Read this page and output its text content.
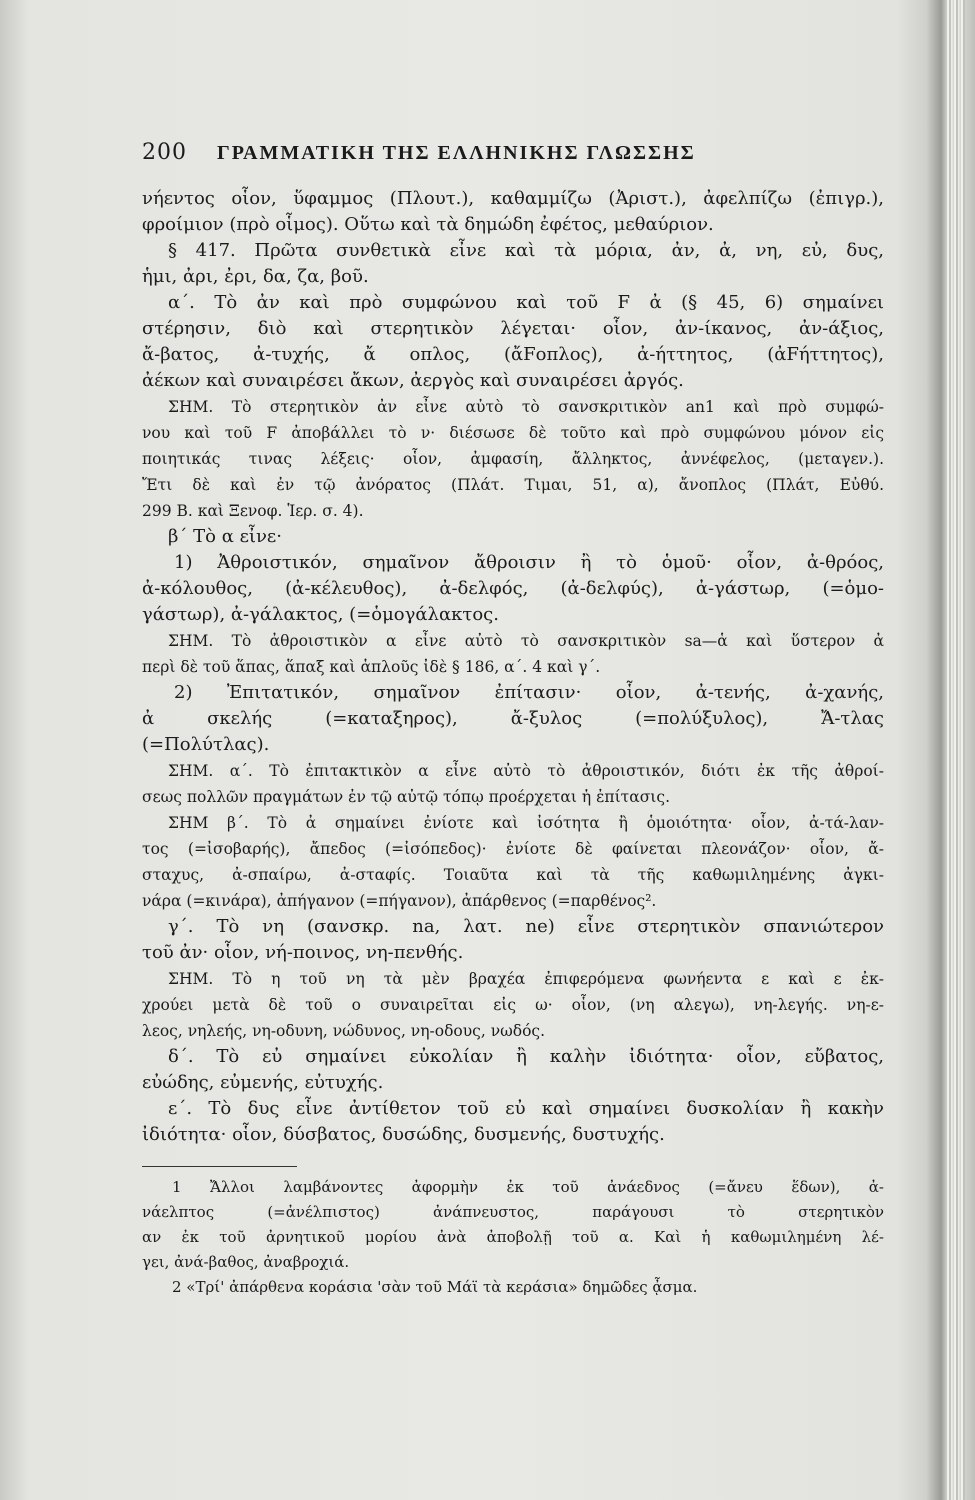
200	ΓΡΑΜΜΑΤΙΚΗ ΤΗΣ ΕΛΛΗΝΙΚΗΣ ΓΛΩΣΣΗΣ
νήεντος οἷον, ὕφαμμος (Πλουτ.), καθαμμίζω (Ἀριστ.), ἀφελπίζω (ἐπιγρ.),
φροίμιον (πρὸ οἷμος). Οὕτω καὶ τὰ δημώδη ἐφέτος, μεθαύριον.
§ 417. Πρῶτα συνθετικὰ εἶνε καὶ τὰ μόρια, ἀν, ἀ, νη, εὐ, δυς,
ἡμι, ἀρι, ἐρι, δα, ζα, βοῦ.
α΄. Τὸ ἀν καὶ πρὸ συμφώνου καὶ τοῦ F ἀ (§ 45, 6) σημαίνει
στέρησιν, διὸ καὶ στερητικὸν λέγεται· οἷον, ἀν-ίκανος, ἀν-άξιος,
ἄ-βατος, ἀ-τυχής, ἄ οπλος, (ἄFοπλος), ἀ-ήττητος, (ἀFήττητος),
ἀέκων καὶ συναιρέσει ἄκων, ἀεργὸς καὶ συναιρέσει ἀργός.
ΣΗΜ. Τὸ στερητικὸν ἀν εἶνε αὐτὸ τὸ σανσκριτικὸν an1 καὶ πρὸ συμφώ-
νου καὶ τοῦ F ἀποβάλλει τὸ ν· διέσωσε δὲ τοῦτο καὶ πρὸ συμφώνου μόνον εἰς
ποιητικάς τινας λέξεις· οἷον, ἀμφασίη, ἄλληκτος, ἀννέφελος, (μεταγεν.).
Ἔτι δὲ καὶ ἐν τῷ ἀνόρατος (Πλάτ. Τιμαι, 51, α), ἄνοπλος (Πλάτ, Εὐθύ.
299 Β. καὶ Ξενοφ. Ἱερ. σ. 4).
β΄ Τὸ α εἶνε·
1) Ἀθροιστικόν, σημαῖνον ἄθροισιν ἢ τὸ ὁμοῦ· οἷον, ἀ-θρόος,
ἀ-κόλουθος, (ἀ-κέλευθος), ἀ-δελφός, (ἀ-δελφύς), ἀ-γάστωρ, (=ὁμο-
γάστωρ), ἀ-γάλακτος, (=ὁμογάλακτος.
ΣΗΜ. Τὸ ἀθροιστικὸν α εἶνε αὐτὸ τὸ σανσκριτικὸν sa—ἁ καὶ ὕστερον ἀ
περὶ δὲ τοῦ ἅπας, ἅπαξ καὶ ἁπλοῦς ἰδὲ § 186, α΄. 4 καὶ γ΄.
2) Ἐπιτατικόν, σημαῖνον ἐπίτασιν· οἷον, ἀ-τενής, ἀ-χανής,
ἀ σκελής (=καταξηρος), ἄ-ξυλος (=πολύξυλος), Ἄ-τλας
(=Πολύτλας).
ΣΗΜ. α΄. Τὸ ἐπιτακτικὸν α εἶνε αὐτὸ τὸ ἀθροιστικόν, διότι ἐκ τῆς ἀθροί-
σεως πολλῶν πραγμάτων ἐν τῷ αὐτῷ τόπῳ προέρχεται ἡ ἐπίτασις.
ΣΗΜ β΄. Τὸ ἀ σημαίνει ἐνίοτε καὶ ἰσότητα ἢ ὁμοιότητα· οἷον, ἀ-τά-λαν-
τος (=ἰσοβαρής), ἄπεδος (=ἰσόπεδος)· ἐνίοτε δὲ φαίνεται πλεονάζον· οἷον, ἄ-
σταχυς, ἀ-σπαίρω, ἀ-σταφίς. Τοιαῦτα καὶ τὰ τῆς καθωμιλημένης ἀγκι-
νάρα (=κινάρα), ἀπήγανον (=πήγανον), ἀπάρθενος (=παρθένος².
γ΄. Τὸ νη (σανσκρ. na, λατ. ne) εἶνε στερητικὸν σπανιώτερον
τοῦ ἀν· οἷον, νή-ποινος, νη-πενθής.
ΣΗΜ. Τὸ η τοῦ νη τὰ μὲν βραχέα ἐπιφερόμενα φωνήεντα ε καὶ ε ἐκ-
χρούει μετὰ δὲ τοῦ ο συναιρεῖται εἰς ω· οἷον, (νη αλεγω), νη-λεγής. νη-ε-
λεος, νηλεής, νη-οδυνη, νώδυνος, νη-οδους, νωδός.
δ΄. Τὸ εὐ σημαίνει εὐκολίαν ἢ καλὴν ἰδιότητα· οἷον, εὔβατος,
εὐώδης, εὐμενής, εὐτυχής.
ε΄. Τὸ δυς εἶνε ἀντίθετον τοῦ εὐ καὶ σημαίνει δυσκολίαν ἢ κακὴν
ἰδιότητα· οἷον, δύσβατος, δυσώδης, δυσμενής, δυστυχής.
1 Ἄλλοι λαμβάνοντες ἀφορμὴν ἐκ τοῦ ἀνάεδνος (=ἄνευ ἕδων), ἀ-
νάελπτος (=ἀνέλπιστος) ἀνάπνευστος, παράγουσι τὸ στερητικὸν
αν ἐκ τοῦ ἀρνητικοῦ μορίου ἀνὰ ἀποβολῇ τοῦ α. Καὶ ἡ καθωμιλημένη λέ-
γει, ἀνά-βαθος, ἀναβροχιά.
2 «Τρί' ἀπάρθενα κοράσια 'σὰν τοῦ Μάϊ τὰ κεράσια» δημῶδες ᾆσμα.
